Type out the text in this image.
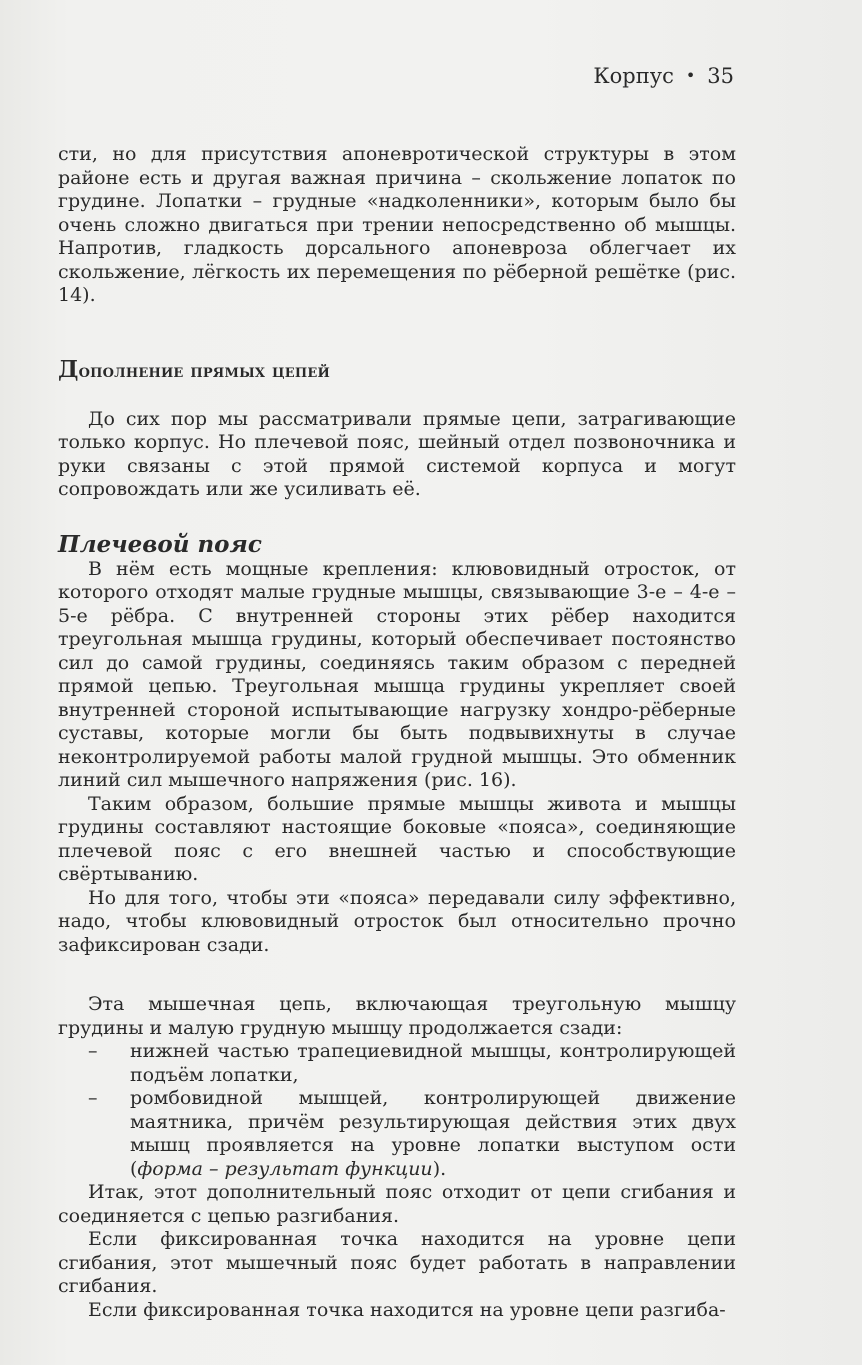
Корпус • 35

сти, но для присутствия апоневротической структуры в этом районе есть и другая важная причина – скольжение лопаток по грудине. Лопатки – грудные «надколенники», которым было бы очень сложно двигаться при трении непосредственно об мышцы. Напротив, гладкость дорсального апоневроза облегчает их скольжение, лёгкость их перемещения по рёберной решётке (рис. 14).

Дополнение прямых цепей

До сих пор мы рассматривали прямые цепи, затрагивающие только корпус. Но плечевой пояс, шейный отдел позвоночника и руки связаны с этой прямой системой корпуса и могут сопровождать или же усиливать её.

Плечевой пояс

В нём есть мощные крепления: клювовидный отросток, от которого отходят малые грудные мышцы, связывающие 3-е – 4-е – 5-е рёбра. С внутренней стороны этих рёбер находится треугольная мышца грудины, который обеспечивает постоянство сил до самой грудины, соединяясь таким образом с передней прямой цепью. Треугольная мышца грудины укрепляет своей внутренней стороной испытывающие нагрузку хондро-рёберные суставы, которые могли бы быть подвывихнуты в случае неконтролируемой работы малой грудной мышцы. Это обменник линий сил мышечного напряжения (рис. 16).

Таким образом, большие прямые мышцы живота и мышцы грудины составляют настоящие боковые «пояса», соединяющие плечевой пояс с его внешней частью и способствующие свёртыванию.

Но для того, чтобы эти «пояса» передавали силу эффективно, надо, чтобы клювовидный отросток был относительно прочно зафиксирован сзади.

Эта мышечная цепь, включающая треугольную мышцу грудины и малую грудную мышцу продолжается сзади:

– нижней частью трапециевидной мышцы, контролирующей подъём лопатки,
– ромбовидной мышцей, контролирующей движение маятника, причём результирующая действия этих двух мышц проявляется на уровне лопатки выступом ости (форма – результат функции).

Итак, этот дополнительный пояс отходит от цепи сгибания и соединяется с цепью разгибания.

Если фиксированная точка находится на уровне цепи сгибания, этот мышечный пояс будет работать в направлении сгибания.

Если фиксированная точка находится на уровне цепи разгиба-
